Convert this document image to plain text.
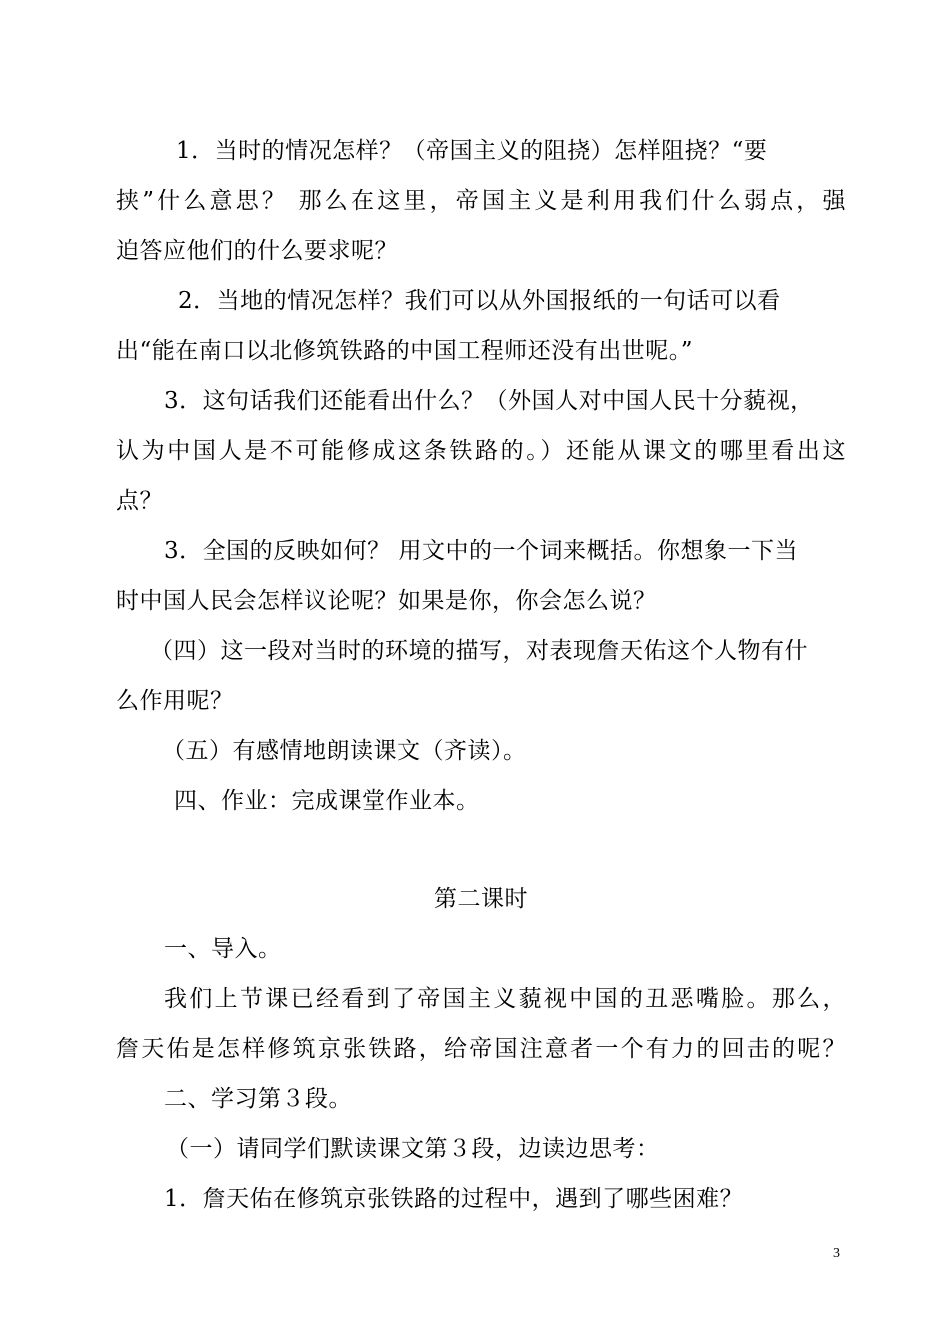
1．当时的情况怎样？（帝国主义的阻挠）怎样阻挠？“要
挟”什么意思？ 那么在这里，帝国主义是利用我们什么弱点，强
迫答应他们的什么要求呢？
2．当地的情况怎样？我们可以从外国报纸的一句话可以看
出“能在南口以北修筑铁路的中国工程师还没有出世呢。”
3．这句话我们还能看出什么？（外国人对中国人民十分藐视，
认为中国人是不可能修成这条铁路的。）还能从课文的哪里看出这
点？
3．全国的反映如何？ 用文中的一个词来概括。你想象一下当
时中国人民会怎样议论呢？如果是你，你会怎么说？
（四）这一段对当时的环境的描写，对表现詹天佑这个人物有什
么作用呢？
（五）有感情地朗读课文（齐读）。
四、作业：完成课堂作业本。
第二课时
一、导入。
我们上节课已经看到了帝国主义藐视中国的丑恶嘴脸。那么，
詹天佑是怎样修筑京张铁路，给帝国注意者一个有力的回击的呢？
二、学习第３段。
（一）请同学们默读课文第３段，边读边思考：
1．詹天佑在修筑京张铁路的过程中，遇到了哪些困难？
3
